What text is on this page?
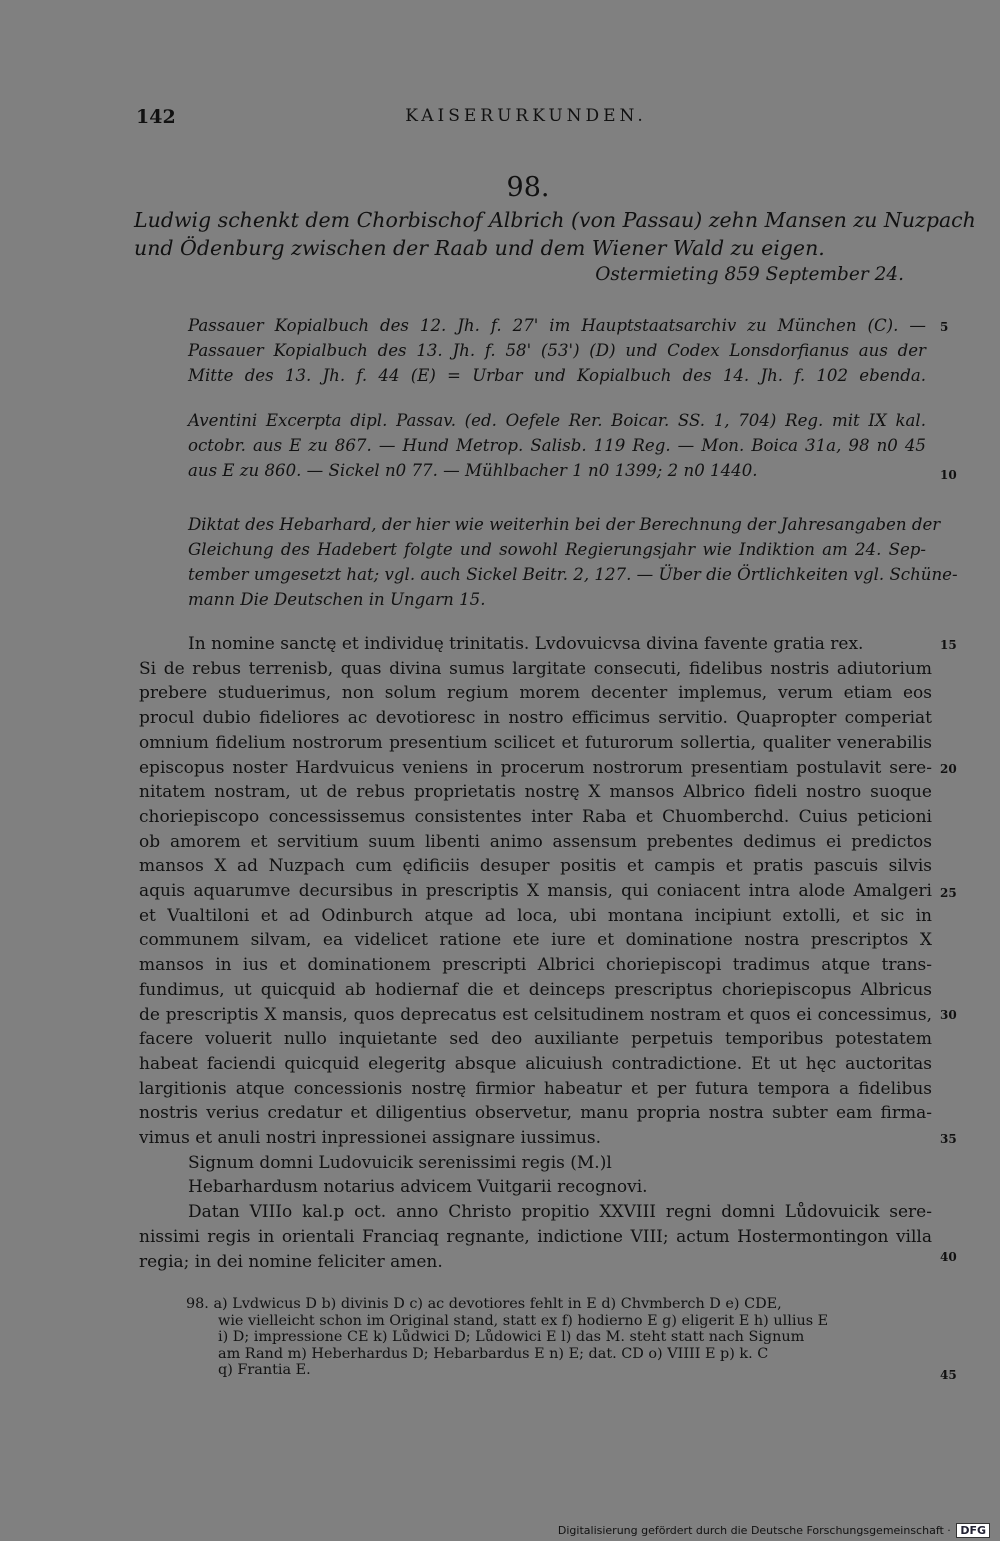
142	KAISERURKUNDEN.
98.
Ludwig schenkt dem Chorbischof Albrich (von Passau) zehn Mansen zu Nuzpach
und Ödenburg zwischen der Raab und dem Wiener Wald zu eigen.
Ostermieting 859 September 24.
Passauer Kopialbuch des 12. Jh. f. 27' im Hauptstaatsarchiv zu München (C). —
Passauer Kopialbuch des 13. Jh. f. 58' (53') (D) und Codex Lonsdorfianus aus der
Mitte des 13. Jh. f. 44 (E) = Urbar und Kopialbuch des 14. Jh. f. 102 ebenda.
Aventini Excerpta dipl. Passav. (ed. Oefele Rer. Boicar. SS. 1, 704) Reg. mit IX kal.
octobr. aus E zu 867. — Hund Metrop. Salisb. 119 Reg. — Mon. Boica 31a, 98 n0 45
aus E zu 860. — Sickel n0 77. — Mühlbacher 1 n0 1399; 2 n0 1440.
Diktat des Hebarhard, der hier wie weiterhin bei der Berechnung der Jahresangaben der
Gleichung des Hadebert folgte und sowohl Regierungsjahr wie Indiktion am 24. Sep-
tember umgesetzt hat; vgl. auch Sickel Beitr. 2, 127. — Über die Örtlichkeiten vgl. Schüne-
mann Die Deutschen in Ungarn 15.
In nomine sanctę et individuę trinitatis. Lvdovuicvsa divina favente gratia rex.
Si de rebus terrenisb, quas divina sumus largitate consecuti, fidelibus nostris adiutorium
prebere studuerimus, non solum regium morem decenter implemus, verum etiam eos
procul dubio fideliores ac devotioresc in nostro efficimus servitio. Quapropter comperiat
omnium fidelium nostrorum presentium scilicet et futurorum sollertia, qualiter venerabilis
episcopus noster Hardvuicus veniens in procerum nostrorum presentiam postulavit sere-
nitatem nostram, ut de rebus proprietatis nostrę X mansos Albrico fideli nostro suoque
choriepiscopo concessissemus consistentes inter Raba et Chuomberchd. Cuius peticioni
ob amorem et servitium suum libenti animo assensum prebentes dedimus ei predictos
mansos X ad Nuzpach cum ędificiis desuper positis et campis et pratis pascuis silvis
aquis aquarumve decursibus in prescriptis X mansis, qui coniacent intra alode Amalgeri
et Vualtiloni et ad Odinburch atque ad loca, ubi montana incipiunt extolli, et sic in
communem silvam, ea videlicet ratione ete iure et dominatione nostra prescriptos X
mansos in ius et dominationem prescripti Albrici choriepiscopi tradimus atque trans-
fundimus, ut quicquid ab hodiernaf die et deinceps prescriptus choriepiscopus Albricus
de prescriptis X mansis, quos deprecatus est celsitudinem nostram et quos ei concessimus,
facere voluerit nullo inquietante sed deo auxiliante perpetuis temporibus potestatem
habeat faciendi quicquid elegeritg absque alicuiush contradictione. Et ut hęc auctoritas
largitionis atque concessionis nostrę firmior habeatur et per futura tempora a fidelibus
nostris verius credatur et diligentius observetur, manu propria nostra subter eam firma-
vimus et anuli nostri inpressionei assignare iussimus.
Signum domni Ludovuicik serenissimi regis (M.)l
Hebarhardusm notarius advicem Vuitgarii recognovi.
Datan VIIIo kal.p oct. anno Christo propitio XXVIII regni domni Lůdovuicik sere-
nissimi regis in orientali Franciaq regnante, indictione VIII; actum Hostermontingon villa
regia; in dei nomine feliciter amen.
98. a) Lvdwicus D b) divinis D c) ac devotiores fehlt in E d) Chvmberch D e) CDE,
wie vielleicht schon im Original stand, statt ex f) hodierno E g) eligerit E h) ullius E
i) D; impressione CE k) Lůdwici D; Lůdowici E l) das M. steht statt nach Signum
am Rand m) Heberhardus D; Hebarbardus E n) E; dat. CD o) VIIII E p) k. C
q) Frantia E.
5
10
15
20
25
30
35
40
45
Digitalisierung gefördert durch die Deutsche Forschungsgemeinschaft · DFG
